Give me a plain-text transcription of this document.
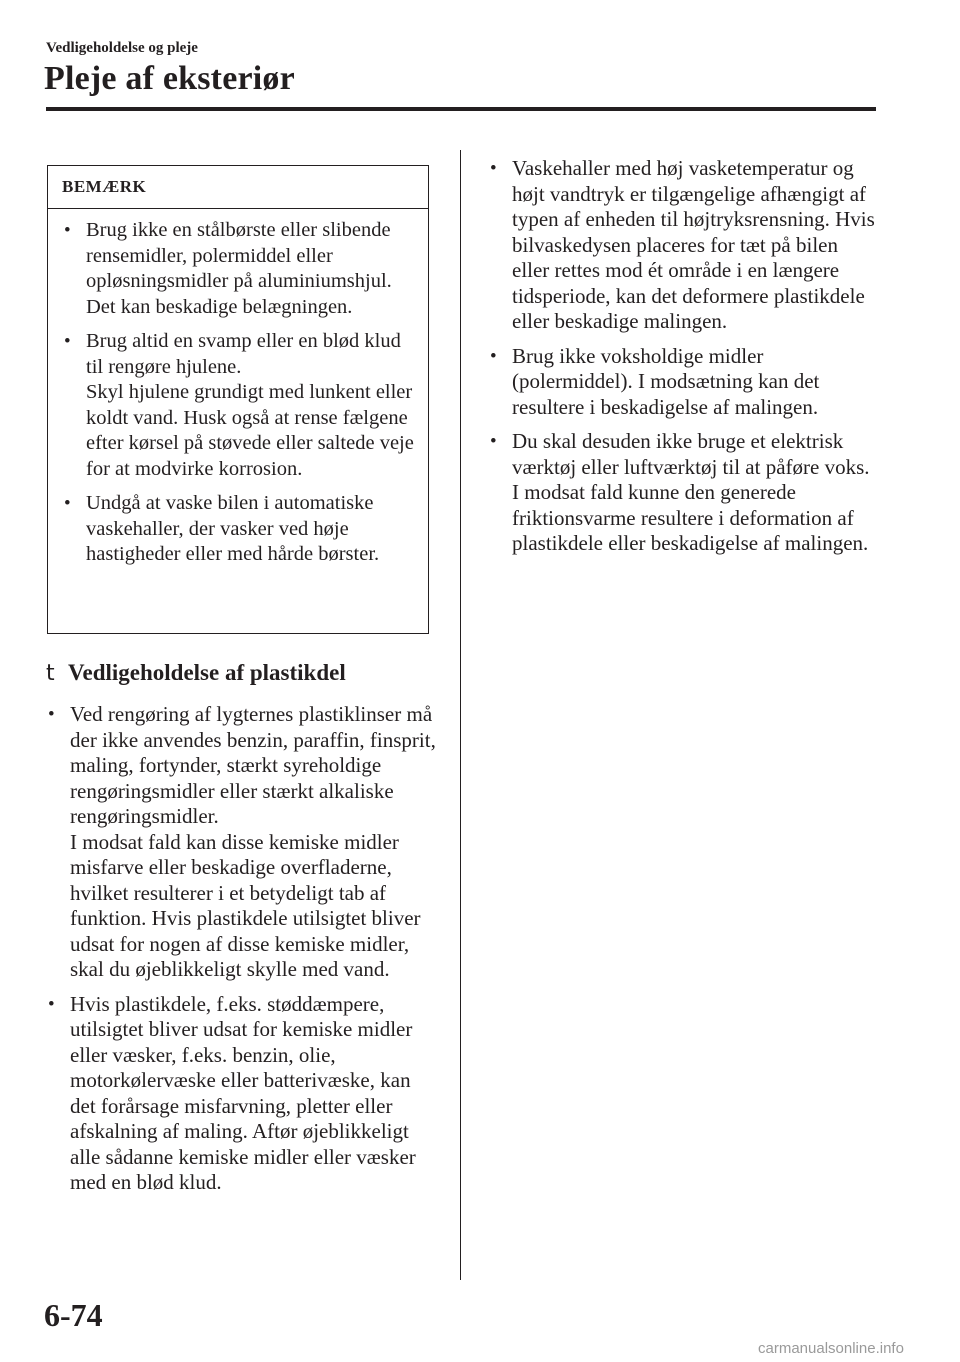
Vedligeholdelse og pleje
Pleje af eksterіør
BEMÆRK
• Brug ikke en stålbørste eller slibende rensemidler, polermiddel eller opløsningsmidler på aluminiumshjul. Det kan beskadige belægningen.
• Brug altid en svamp eller en blød klud til rengøre hjulene.
Skyl hjulene grundigt med lunkent eller koldt vand. Husk også at rense fælgene efter kørsel på støvede eller saltede veje for at modvirke korrosion.
• Undgå at vaske bilen i automatiske vaskehaller, der vasker ved høje hastigheder eller med hårde børster.
t Vedligeholdelse af plastikdel
• Ved rengøring af lygternes plastiklinser må der ikke anvendes benzin, paraffin, finsprit, maling, fortynder, stærkt syreholdige rengøringsmidler eller stærkt alkaliske rengøringsmidler.
I modsat fald kan disse kemiske midler misfarve eller beskadige overfladerne, hvilket resulterer i et betydeligt tab af funktion. Hvis plastikdele utilsigtet bliver udsat for nogen af disse kemiske midler, skal du øjeblikkeligt skylle med vand.
• Hvis plastikdele, f.eks. støddæmpere, utilsigtet bliver udsat for kemiske midler eller væsker, f.eks. benzin, olie, motorkølervæske eller batterivæske, kan det forårsage misfarvning, pletter eller afskalning af maling. Aftør øjeblikkeligt alle sådanne kemiske midler eller væsker med en blød klud.
• Vaskehaller med høj vasketemperatur og højt vandtryk er tilgængelige afhængigt af typen af enheden til højtryksrensning. Hvis bilvaskedysen placeres for tæt på bilen eller rettes mod ét område i en længere tidsperiode, kan det deformere plastikdele eller beskadige malingen.
• Brug ikke voksholdige midler (polermiddel). I modsætning kan det resultere i beskadigelse af malingen.
• Du skal desuden ikke bruge et elektrisk værktøj eller luftværktøj til at påføre voks. I modsat fald kunne den generede friktionsvarme resultere i deformation af plastikdele eller beskadigelse af malingen.
6-74
carmanualsonline.info
